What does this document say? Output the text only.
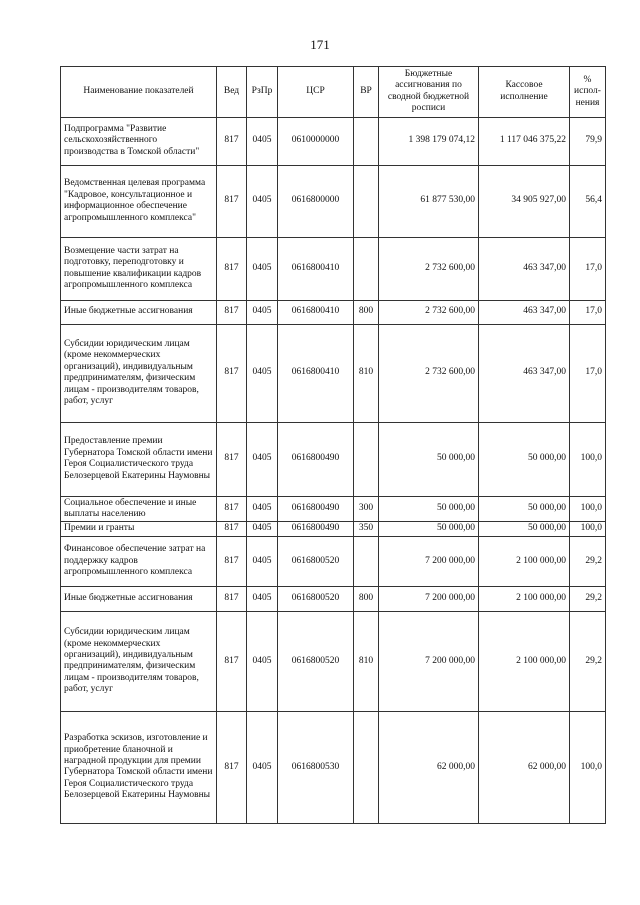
171
Наименование показателей	Вед	РзПр	ЦСР	ВР	Бюджетные ассигнования по сводной бюджетной росписи	Кассовое исполнение	% испол-нения
Подпрограмма "Развитие сельскохозяйственного производства в Томской области"	817	0405	0610000000		1 398 179 074,12	1 117 046 375,22	79,9
Ведомственная целевая программа "Кадровое, консультационное и информационное обеспечение агропромышленного комплекса"	817	0405	0616800000		61 877 530,00	34 905 927,00	56,4
Возмещение части затрат на подготовку, переподготовку и повышение квалификации кадров агропромышленного комплекса	817	0405	0616800410		2 732 600,00	463 347,00	17,0
Иные бюджетные ассигнования	817	0405	0616800410	800	2 732 600,00	463 347,00	17,0
Субсидии юридическим лицам (кроме некоммерческих организаций), индивидуальным предпринимателям, физическим лицам - производителям товаров, работ, услуг	817	0405	0616800410	810	2 732 600,00	463 347,00	17,0
Предоставление премии Губернатора Томской области имени Героя Социалистического труда Белозерцевой Екатерины Наумовны	817	0405	0616800490		50 000,00	50 000,00	100,0
Социальное обеспечение и иные выплаты населению	817	0405	0616800490	300	50 000,00	50 000,00	100,0
Премии и гранты	817	0405	0616800490	350	50 000,00	50 000,00	100,0
Финансовое обеспечение затрат на поддержку кадров агропромышленного комплекса	817	0405	0616800520		7 200 000,00	2 100 000,00	29,2
Иные бюджетные ассигнования	817	0405	0616800520	800	7 200 000,00	2 100 000,00	29,2
Субсидии юридическим лицам (кроме некоммерческих организаций), индивидуальным предпринимателям, физическим лицам - производителям товаров, работ, услуг	817	0405	0616800520	810	7 200 000,00	2 100 000,00	29,2
Разработка эскизов, изготовление и приобретение бланочной и наградной продукции для премии Губернатора Томской области имени Героя Социалистического труда Белозерцевой Екатерины Наумовны	817	0405	0616800530		62 000,00	62 000,00	100,0
